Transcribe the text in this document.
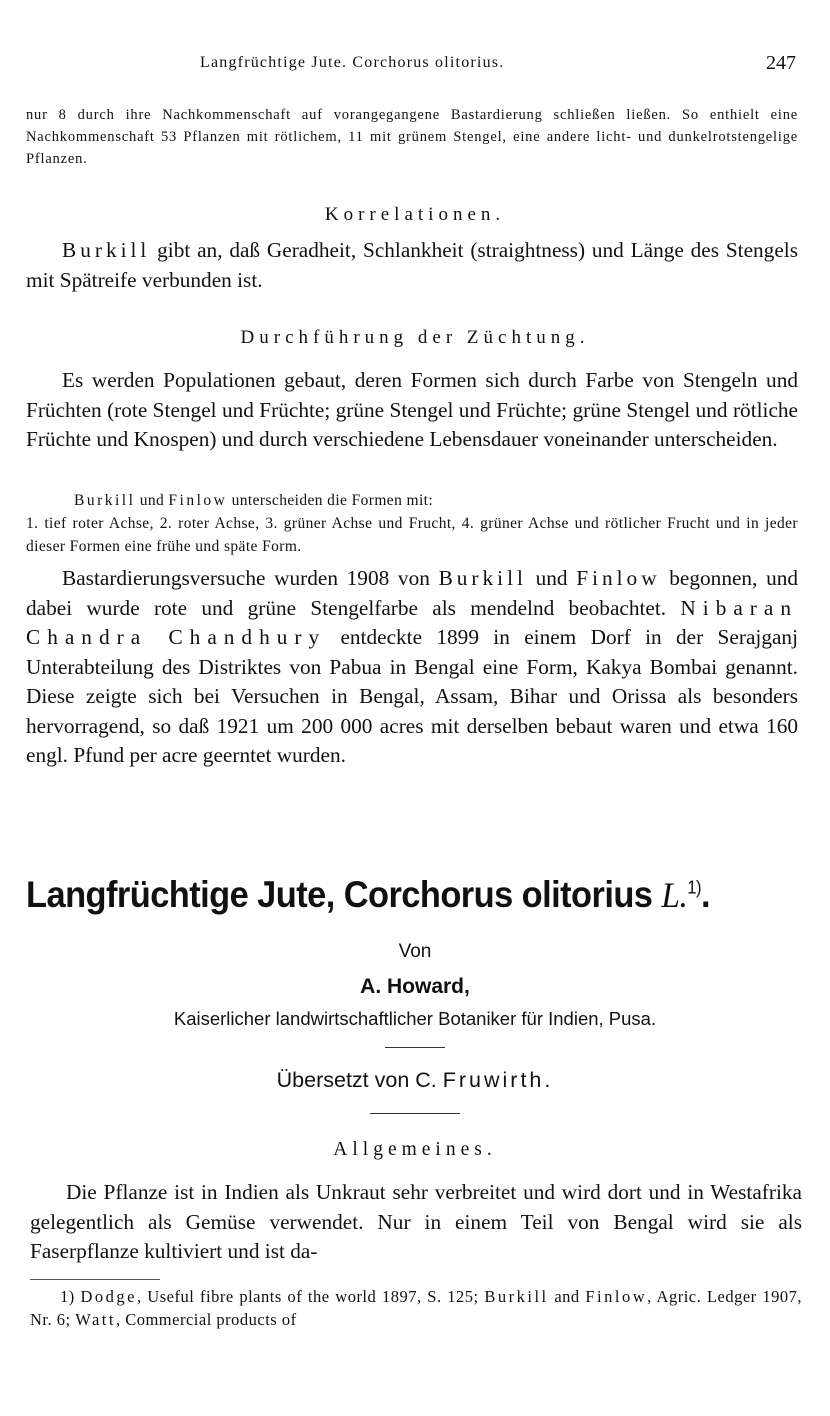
Langfrüchtige Jute. Corchorus olitorius.	247

nur 8 durch ihre Nachkommenschaft auf vorangegangene Bastardierung schließen ließen. So enthielt eine Nachkommenschaft 53 Pflanzen mit rötlichem, 11 mit grünem Stengel, eine andere licht- und dunkelrotstengelige Pflanzen.

Korrelationen.

Burkill gibt an, daß Geradheit, Schlankheit (straightness) und Länge des Stengels mit Spätreife verbunden ist.

Durchführung der Züchtung.

Es werden Populationen gebaut, deren Formen sich durch Farbe von Stengeln und Früchten (rote Stengel und Früchte; grüne Stengel und Früchte; grüne Stengel und rötliche Früchte und Knospen) und durch verschiedene Lebensdauer voneinander unterscheiden.

Burkill und Finlow unterscheiden die Formen mit:
1. tief roter Achse, 2. roter Achse, 3. grüner Achse und Frucht, 4. grüner Achse und rötlicher Frucht und in jeder dieser Formen eine frühe und späte Form.

Bastardierungsversuche wurden 1908 von Burkill und Finlow begonnen, und dabei wurde rote und grüne Stengelfarbe als mendelnd beobachtet. Nibaran Chandra Chandhury entdeckte 1899 in einem Dorf in der Serajganj Unterabteilung des Distriktes von Pabua in Bengal eine Form, Kakya Bombai genannt. Diese zeigte sich bei Versuchen in Bengal, Assam, Bihar und Orissa als besonders hervorragend, so daß 1921 um 200 000 acres mit derselben bebaut waren und etwa 160 engl. Pfund per acre geerntet wurden.

Langfrüchtige Jute, Corchorus olitorius L.$^{1)}$.
Von
A. Howard,
Kaiserlicher landwirtschaftlicher Botaniker für Indien, Pusa.
Übersetzt von C. Fruwirth.
Allgemeines.

Die Pflanze ist in Indien als Unkraut sehr verbreitet und wird dort und in Westafrika gelegentlich als Gemüse verwendet. Nur in einem Teil von Bengal wird sie als Faserpflanze kultiviert und ist da-

1) Dodge, Useful fibre plants of the world 1897, S. 125; Burkill and Finlow, Agric. Ledger 1907, Nr. 6; Watt, Commercial products of
